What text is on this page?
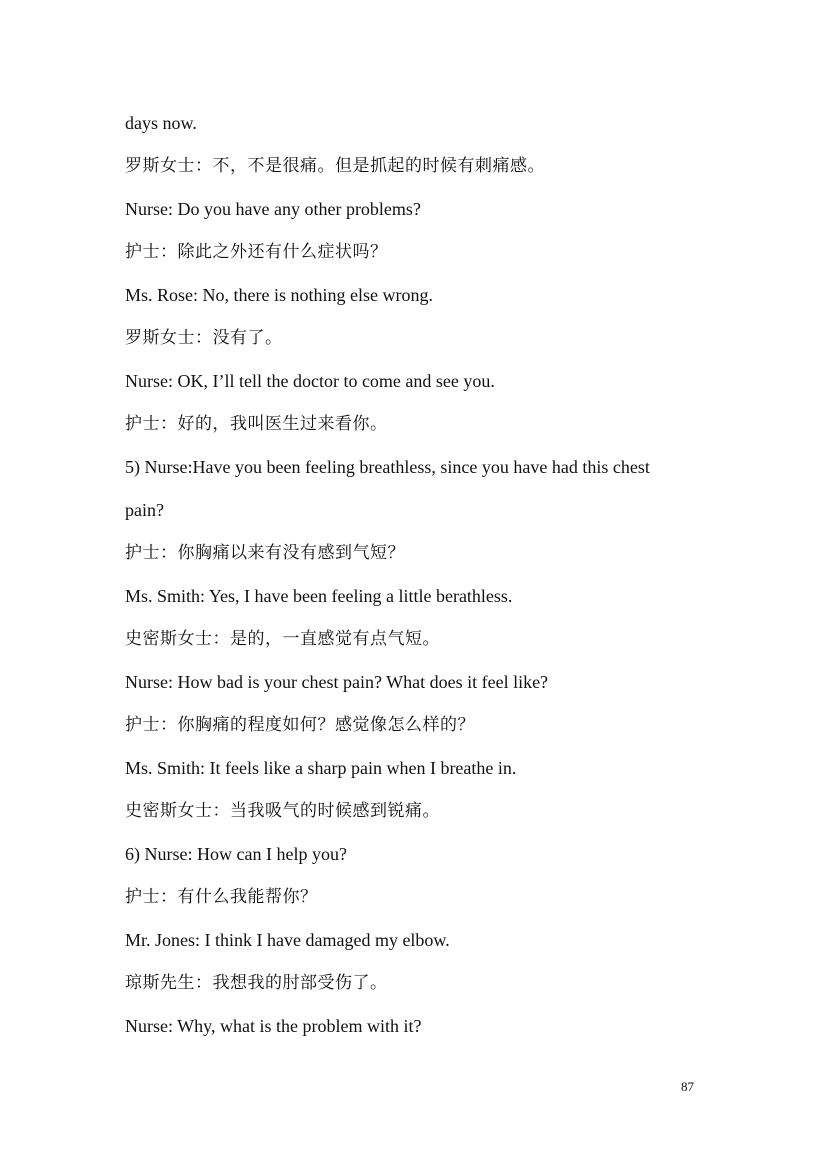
days now.
罗斯女士：不，不是很痛。但是抓起的时候有刺痛感。
Nurse: Do you have any other problems?
护士：除此之外还有什么症状吗？
Ms. Rose: No, there is nothing else wrong.
罗斯女士：没有了。
Nurse: OK, I’ll tell the doctor to come and see you.
护士：好的，我叫医生过来看你。
5) Nurse:Have you been feeling breathless, since you have had this chest
pain?
护士：你胸痛以来有没有感到气短？
Ms. Smith: Yes, I have been feeling a little berathless.
史密斯女士：是的，一直感觉有点气短。
Nurse: How bad is your chest pain? What does it feel like?
护士：你胸痛的程度如何？感觉像怎么样的？
Ms. Smith: It feels like a sharp pain when I breathe in.
史密斯女士：当我吸气的时候感到锐痛。
6) Nurse: How can I help you?
护士：有什么我能帮你？
Mr. Jones: I think I have damaged my elbow.
琼斯先生：我想我的肘部受伤了。
Nurse: Why, what is the problem with it?
87
